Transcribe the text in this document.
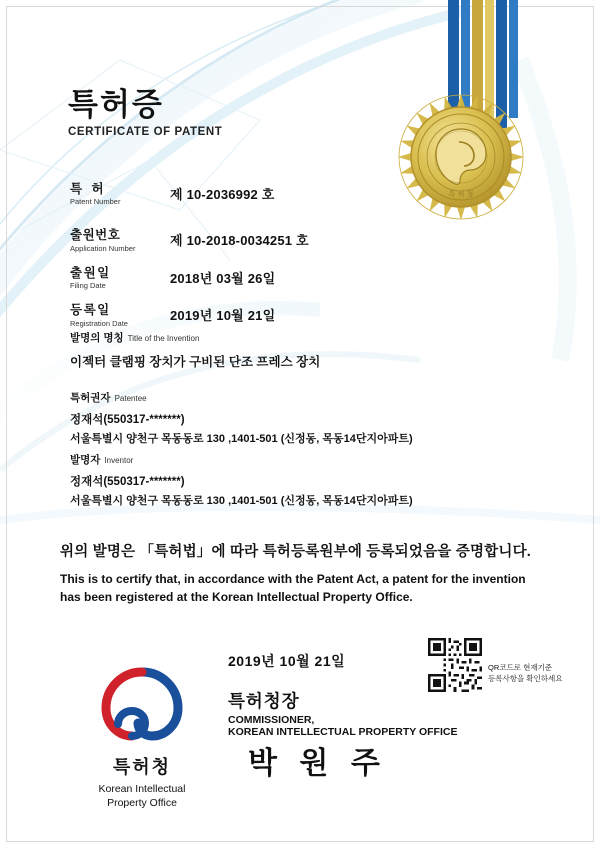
특 허 청
특허증
CERTIFICATE OF PATENT
특 허
Patent Number	제 10-2036992 호
출원번호
Application Number	제 10-2018-0034251 호
출원일
Filing Date	2018년 03월 26일
등록일
Registration Date	2019년 10월 21일
발명의 명칭 Title of the Invention
이젝터 클램핑 장치가 구비된 단조 프레스 장치
특허권자 Patentee
정재석(550317-*******)
서울특별시 양천구 목동동로 130 ,1401-501 (신정동, 목동14단지아파트)
발명자 Inventor
정재석(550317-*******)
서울특별시 양천구 목동동로 130 ,1401-501 (신정동, 목동14단지아파트)
위의 발명은 「특허법」에 따라 특허등록원부에 등록되었음을 증명합니다.
This is to certify that, in accordance with the Patent Act, a patent for the invention
has been registered at the Korean Intellectual Property Office.
2019년 10월 21일
특허청장
COMMISSIONER,
KOREAN INTELLECTUAL PROPERTY OFFICE
박 원 주
특허청
Korean Intellectual
Property Office
QR코드로 현재기준
등록사항을 확인하세요
